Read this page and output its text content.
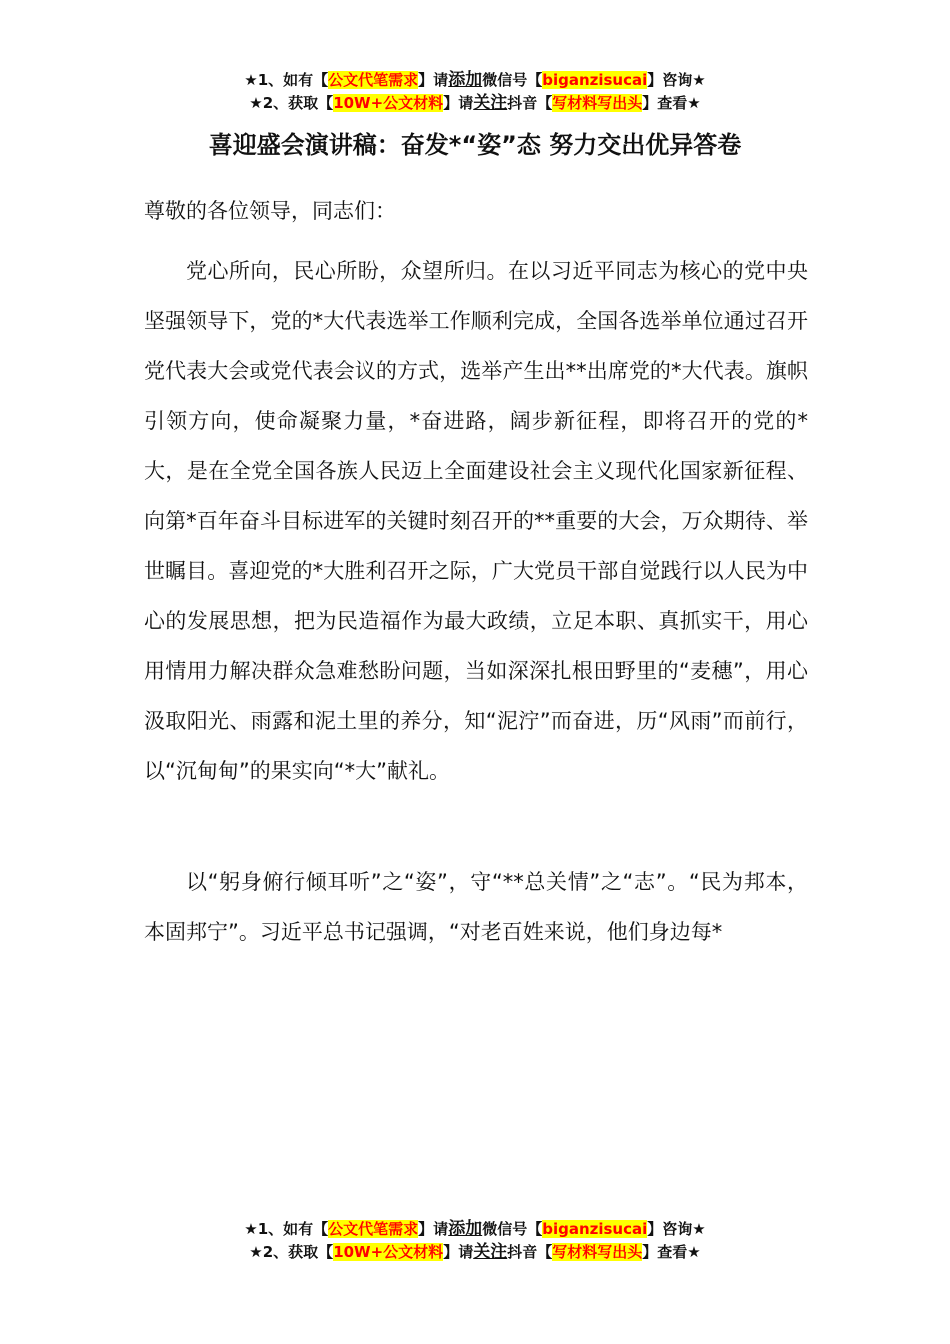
★1、如有【公文代笔需求】请添加微信号【biganzisucai】咨询★
★2、获取【10W+公文材料】请关注抖音【写材料写出头】查看★
喜迎盛会演讲稿：奋发*“姿”态 努力交出优异答卷

尊敬的各位领导，同志们：

党心所向，民心所盼，众望所归。在以习近平同志为核心的党中央坚强领导下，党的*大代表选举工作顺利完成，全国各选举单位通过召开党代表大会或党代表会议的方式，选举产生出**出席党的*大代表。旗帜引领方向，使命凝聚力量，*奋进路，阔步新征程，即将召开的党的*大，是在全党全国各族人民迈上全面建设社会主义现代化国家新征程、向第*百年奋斗目标进军的关键时刻召开的**重要的大会，万众期待、举世瞩目。喜迎党的*大胜利召开之际，广大党员干部自觉践行以人民为中心的发展思想，把为民造福作为最大政绩，立足本职、真抓实干，用心用情用力解决群众急难愁盼问题，当如深深扎根田野里的“麦穗”，用心汲取阳光、雨露和泥土里的养分，知“泥泞”而奋进，历“风雨”而前行，以“沉甸甸”的果实向“*大”献礼。

以“躬身俯行倾耳听”之“姿”，守“**总关情”之“志”。“民为邦本，本固邦宁”。习近平总书记强调，“对老百姓来说，他们身边每*

★1、如有【公文代笔需求】请添加微信号【biganzisucai】咨询★
★2、获取【10W+公文材料】请关注抖音【写材料写出头】查看★
